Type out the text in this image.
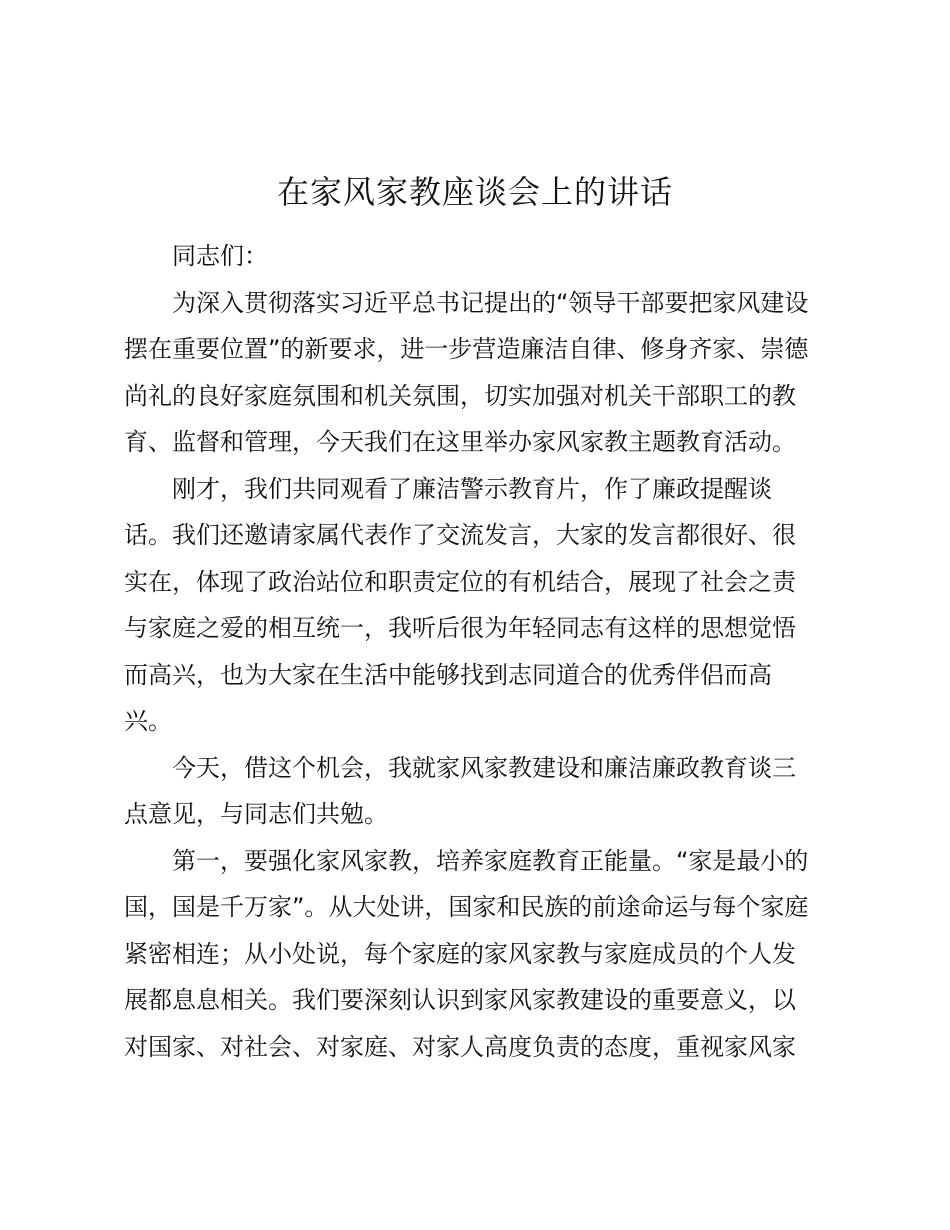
在家风家教座谈会上的讲话
同志们：
为深入贯彻落实习近平总书记提出的“领导干部要把家风建设
摆在重要位置”的新要求，进一步营造廉洁自律、修身齐家、崇德
尚礼的良好家庭氛围和机关氛围，切实加强对机关干部职工的教
育、监督和管理，今天我们在这里举办家风家教主题教育活动。
刚才，我们共同观看了廉洁警示教育片，作了廉政提醒谈
话。我们还邀请家属代表作了交流发言，大家的发言都很好、很
实在，体现了政治站位和职责定位的有机结合，展现了社会之责
与家庭之爱的相互统一，我听后很为年轻同志有这样的思想觉悟
而高兴，也为大家在生活中能够找到志同道合的优秀伴侣而高
兴。
今天，借这个机会，我就家风家教建设和廉洁廉政教育谈三
点意见，与同志们共勉。
第一，要强化家风家教，培养家庭教育正能量。“家是最小的
国，国是千万家”。从大处讲，国家和民族的前途命运与每个家庭
紧密相连；从小处说，每个家庭的家风家教与家庭成员的个人发
展都息息相关。我们要深刻认识到家风家教建设的重要意义，以
对国家、对社会、对家庭、对家人高度负责的态度，重视家风家
